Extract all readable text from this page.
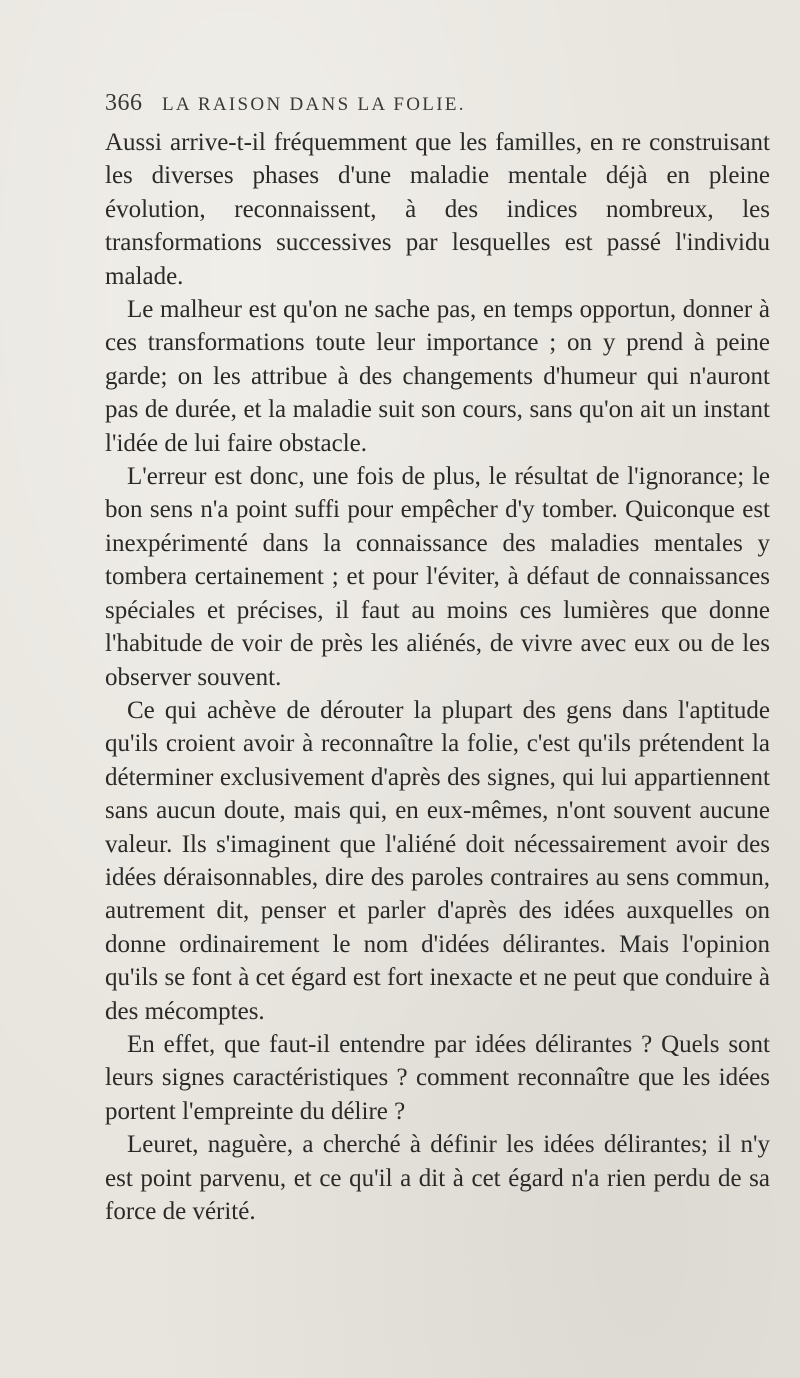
366	LA RAISON DANS LA FOLIE.

Aussi arrive-t-il fréquemment que les familles, en re construisant les diverses phases d'une maladie mentale déjà en pleine évolution, reconnaissent, à des indices nombreux, les transformations successives par lesquelles est passé l'individu malade.

Le malheur est qu'on ne sache pas, en temps opportun, donner à ces transformations toute leur importance ; on y prend à peine garde; on les attribue à des changements d'humeur qui n'auront pas de durée, et la maladie suit son cours, sans qu'on ait un instant l'idée de lui faire obstacle.

L'erreur est donc, une fois de plus, le résultat de l'ignorance; le bon sens n'a point suffi pour empêcher d'y tomber. Quiconque est inexpérimenté dans la connaissance des maladies mentales y tombera certainement ; et pour l'éviter, à défaut de connaissances spéciales et précises, il faut au moins ces lumières que donne l'habitude de voir de près les aliénés, de vivre avec eux ou de les observer souvent.

Ce qui achève de dérouter la plupart des gens dans l'aptitude qu'ils croient avoir à reconnaître la folie, c'est qu'ils prétendent la déterminer exclusivement d'après des signes, qui lui appartiennent sans aucun doute, mais qui, en eux-mêmes, n'ont souvent aucune valeur. Ils s'imaginent que l'aliéné doit nécessairement avoir des idées déraisonnables, dire des paroles contraires au sens commun, autrement dit, penser et parler d'après des idées auxquelles on donne ordinairement le nom d'idées délirantes. Mais l'opinion qu'ils se font à cet égard est fort inexacte et ne peut que conduire à des mécomptes.

En effet, que faut-il entendre par idées délirantes ? Quels sont leurs signes caractéristiques ? comment reconnaître que les idées portent l'empreinte du délire ?

Leuret, naguère, a cherché à définir les idées délirantes; il n'y est point parvenu, et ce qu'il a dit à cet égard n'a rien perdu de sa force de vérité.
